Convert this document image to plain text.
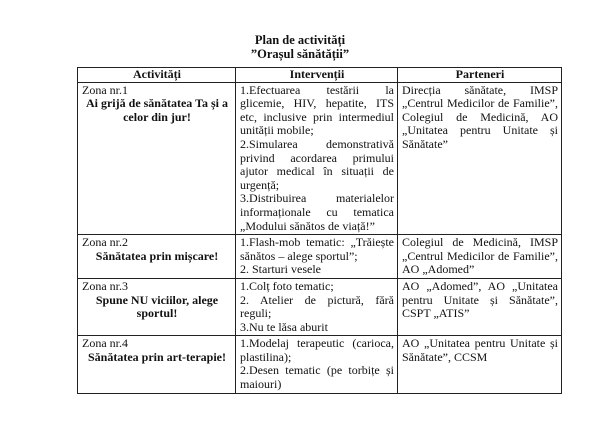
Plan de activități
”Orașul sănătății”
Activități	Intervenții	Parteneri

Zona nr.1
Ai grijă de sănătatea Ta și a celor din jur!	1.Efectuarea testării la glicemie, HIV, hepatite, ITS etc, inclusive prin intermediul unității mobile;
2.Simularea demonstrativă privind acordarea primului ajutor medical în situații de urgență;
3.Distribuirea materialelor informaționale cu tematica „Modului sănătos de viață!”	Direcția sănătate, IMSP „Centrul Medicilor de Familie”, Colegiul de Medicină, AO „Unitatea pentru Unitate și Sănătate”

Zona nr.2
Sănătatea prin mișcare!	1.Flash-mob tematic: „Trăiește sănătos – alege sportul”;
2. Starturi vesele	Colegiul de Medicină, IMSP „Centrul Medicilor de Familie”, AO „Adomed”

Zona nr.3
Spune NU viciilor, alege sportul!	1.Colț foto tematic;
2. Atelier de pictură, fără reguli;
3.Nu te lăsa aburit	AO „Adomed”, AO „Unitatea pentru Unitate și Sănătate”, CSPT „ATIS”

Zona nr.4
Sănătatea prin art-terapie!	1.Modelaj terapeutic (carioca, plastilina);
2.Desen tematic (pe torbițe și maiouri)	AO „Unitatea pentru Unitate și Sănătate”, CCSM
